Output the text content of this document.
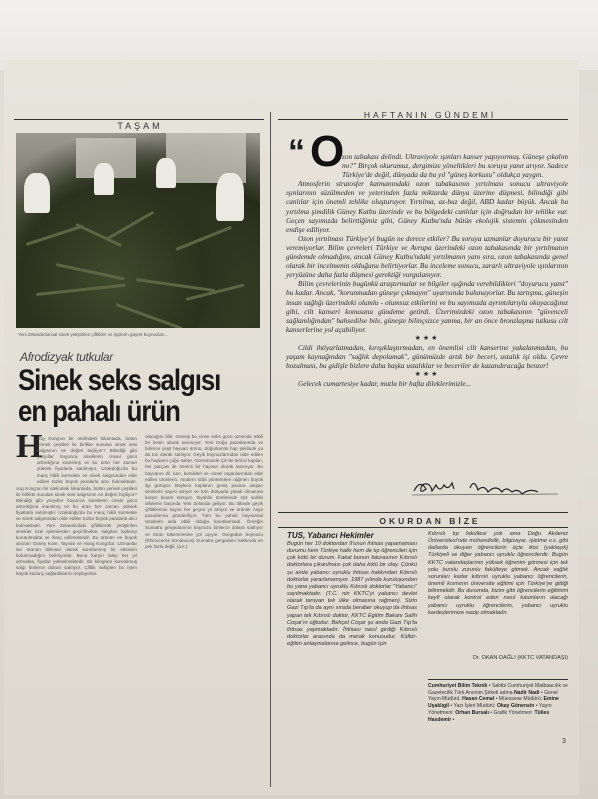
TAŞAM
HAFTANIN GÜNDEMİ
Yeni Zelanda'da bal sinek yetiştirilen çiftlikler ve işçilerin gayret boynuzları...
Afrodizyak tutkular
Sinek seks salgısı
en pahalı ürün
H
ong Kong'un bir otelindeki lokantada, bütün yemek çeşitleri ile birlikte sunulan sinek sesi salgısının ne değeri biçiliyor? Bilindiği gibi yüzyıllar boyunca sineklerin cinsel gücü arttırdığına inanılmış ve bu ürün her zaman yüksek fiyatlarla satılmıştır. Uzakdoğu'da bu inanç hâlâ sürmekte ve sinek salgısından elde edilen tozlar büyük paralarla alıcı bulmaktadır.
ong Kong'un bir otelindeki lokantada, bütün yemek çeşitleri ile birlikte sunulan sinek sesi salgısının ne değeri biçiliyor? Bilindiği gibi yüzyıllar boyunca sineklerin cinsel gücü arttırdığına inanılmış ve bu ürün her zaman yüksek fiyatlarla satılmıştır. Uzakdoğu'da bu inanç hâlâ sürmekte ve sinek salgısından elde edilen tozlar büyük paralarla alıcı bulmaktadır. Yeni Zelanda'daki çiftliklerde yetiştirilen sinekler özel işlemlerden geçirilmekte, salgıları toplanıp kurutulmakta ve ihraç edilmektedir. Bu ürünün en büyük alıcıları Güney Kore, Tayvan ve Hong Kong'dur. Uzmanlar ise ürünün bilimsel olarak kanıtlanmış bir etkisinin bulunmadığını belirtiyorlar. Buna karşın talep her yıl artmakta, fiyatlar yükselmektedir. Bir kilogram kurutulmuş salgı binlerce dolara satılıyor. Çiftlik sahipleri bu işten büyük kazanç sağladıklarını söylüyorlar.
olacağını bilir. Güneşi bu cinse seks gücü üzerinde etkili bir besin olarak tanımıyor. Yeni Doğu pazarlarında ve birlerce çeşit hayvan ürünü, doğurkanlık hap şeklinde ya da toz olarak satılıyor. Geyik boynuzlarından elde edilen bu hapların çoğu sahte. Günümüzde Çin'de birinci kaplan, her parçası ile önemli bir hayvan olarak tanınıyor. Bu hayvanın dil, kan, kemikleri ve cinsel organlarından elde edilen ürünlerin, modern tıbbi yöntemlere rağmen büyük ilgi görüyor. Böylece kaplanın geniş pazara ulaşan ürünlerin sayısı artıyor ve tüm dünyada yasak olmasına karşın ticaret sürüyor. Siyahlık üretiminde söz sahibi ülkelerin başında Yeni Zelanda geliyor. Bu ülkede geyik çiftliklerinin sayısı her geçen yıl artıyor ve ürünler Asya pazarlarına gönderiliyor. Tüm bu pahalı hayvansal ürünlerin asla etkili olduğu kanıtlanmadı. Örneğin Sumatra gergedanının boynuzu binlerce dolara satılıyor ve türün tükenmesine yol açıyor. Gergedan boynuzu (Rhinoceros Sondaicus) Sumatra gergedanı hakkında en pek fazla değil. (a.k.)
“ O

zon tabakası delindi. Ultraviyole ışınları kanser yapıyormuş. Güneşe çıkalım mı?" Birçok okurumuz, dergimize yöneltikleri bu soruya yanıt arıyor. Sadece Türkiye'de değil, dünyada da bu yıl "güneş korkusu" oldukça yaygın.

Atmosferin stratosfer katmanındaki ozon tabakasının yırtılması sonucu ultraviyole ışınlarının süzülmeden ve yeterinden fazla miktarda dünya üzerine düşmesi, bilindiği gibi canlılar için önemli tehlike oluşturuyor. Yırtılma, az-buz değil, ABD kadar büyük. Ancak bu yırtılma şimdilik Güney Kutbu üzerinde ve bu bölgedeki canlılar için doğrudan bir tehlike var. Geçen sayımızda belirttiğimiz gibi, Güney Kutbu'nda bütün ekolojik sistemin çökmesinden endişe ediliyor.

Ozon yırtılması Türkiye'yi bugün ne derece etkiler? Bu soruya uzmanlar doyurucu bir yanıt veremiyorlar. Bilim çevreleri Türkiye ve Avrupa üzerindeki ozon tabakasında bir yırtılmanın gündemde olmadığını, ancak Güney Kutbu'ndaki yırtılmanın yanı sıra, ozon tabakasında genel olarak bir incelmenin olduğunu belirtiyorlar. Bu inceleme sonucu, zararlı ultraviyole ışınlarının yeryüzüne daha fazla düşmesi gerektiği vurgulanıyor.

Bilim çevrelerinin bugünkü araştırmalar ve bilgiler ışığında verebildikleri "doyurucu yanıt" bu kadar. Ancak, "korunmadan güneşe çıkmayın" uyarısında bulunuyorlar. Bu tartışma, güneşin insan sağlığı üzerindeki olumlu - olumsuz etkilerini ve bu sayımızda ayrıntılarıyla okuyacağınız gibi, cilt kanseri konusunu gündeme getirdi. Üzerimizdeki ozon tabakasının "güvenceli sağlamlığından" bahsedilse bile, güneşte bilinçsizce yanma, bir an önce bronzlaşma tutkusu cilt kanserlerine yol açabiliyor.

★★★

Cildi ihtiyarlatmadan, kırışıklaştırmadan, en önemlisi cilt kanserine yakalanmadan, bu yaşam kaynağından "sağlık depolamak", günümüzde artık bir beceri, ustalık işi oldu. Çevre bozulması, bu gidişle bizlere daha başka ustalıklar ve beceriler de kazandıracağa benzer!

★★★

Gelecek cumartesiye kadar, mutlu bir hafta dileklerimizle...

OKURDAN BİZE
TUS, Yabancı Hekimler

Bugün her 10 doktordan 9'unun ihtisas yapamaması durumu hem Türkiye halkı hem de tıp öğrencileri için çok kötü bir durum. Fakat bunun faturasının Kıbrıslı doktorlara çıkarılması çok daha kötü bir olay. Çünkü şu anda yabancı uyruklu ihtisas hakkından Kıbrıslı doktorlar yararlanamıyor. 1987 yılında kuruluşundan bu yana yabancı uyruklu Kıbrıslı doktorlar "Yabancı" sayılmaktadır. (T.C. nin KKTC'yi yabancı devlet olarak tanıyan tek ülke olmasına rağmen). Sizin Gazi Tıp'ta da aynı sırada beraber okuyup da ihtisas yapan tek Kıbrıslı doktor, KKTC Egitim Bakanı Salih Coşar'ın oğludur. Behçet Coşar şu anda Gazi Tıp'ta ihtisas yapmaktadır. İhtisası nasıl girdiği Kıbrıslı doktorlar arasında da merak konusudur. Kültür-eğitim anlaşmalarına gelince, bugün için

Kıbrıslı tıp fakültesi yok ama Doğu Akdeniz Üniversitesi'nde mühendislik, bilgisayar, işletme v.s. gibi dallarda okuyan öğrencilerin üçte ikisi (yaklaşık) Türkiyeli ve diğer yabancı uyruklu öğrencilerdir. Bugün KKTC vatandaşlarının yüksek öğrenim görmesi için tek yolu burslu zurunlu fakülteye gitmek. Ancak sağlık sorunları kadar kıbrıslı uyruklu yabancı öğrencilerin, önemli kısmının üniversite eğitimi için Türkiye'ye gittiği bilinmelidir. Bu durumda, bizim gibi öğrencilerin eğitimini keyfi olarak kontrol eden nasıl tutumların olacağı yabancı uyruklu öğrencilerin, yabancı uyruklu kardeşlerimize nasip olmaktadır.

Dr. OKAN DAĞLI (KKTC VATANDAŞI)
Cumhuriyet Bilim Teknik • Sahibi Cumhuriyet Matbaacılık ve Gazetecilik Türk Anonim Şirketi adına Nadir Nadi • Genel Yayın Müdürü: Hasan Cemal • Müessese Müdürü: Emine Uşaklıgil • Yazı İşleri Müdürü: Okay Gönensin • Yayın Yönetmeni: Orhan Bursalı • Grafik Yönetmen: Tülies Hasdemir •
3
